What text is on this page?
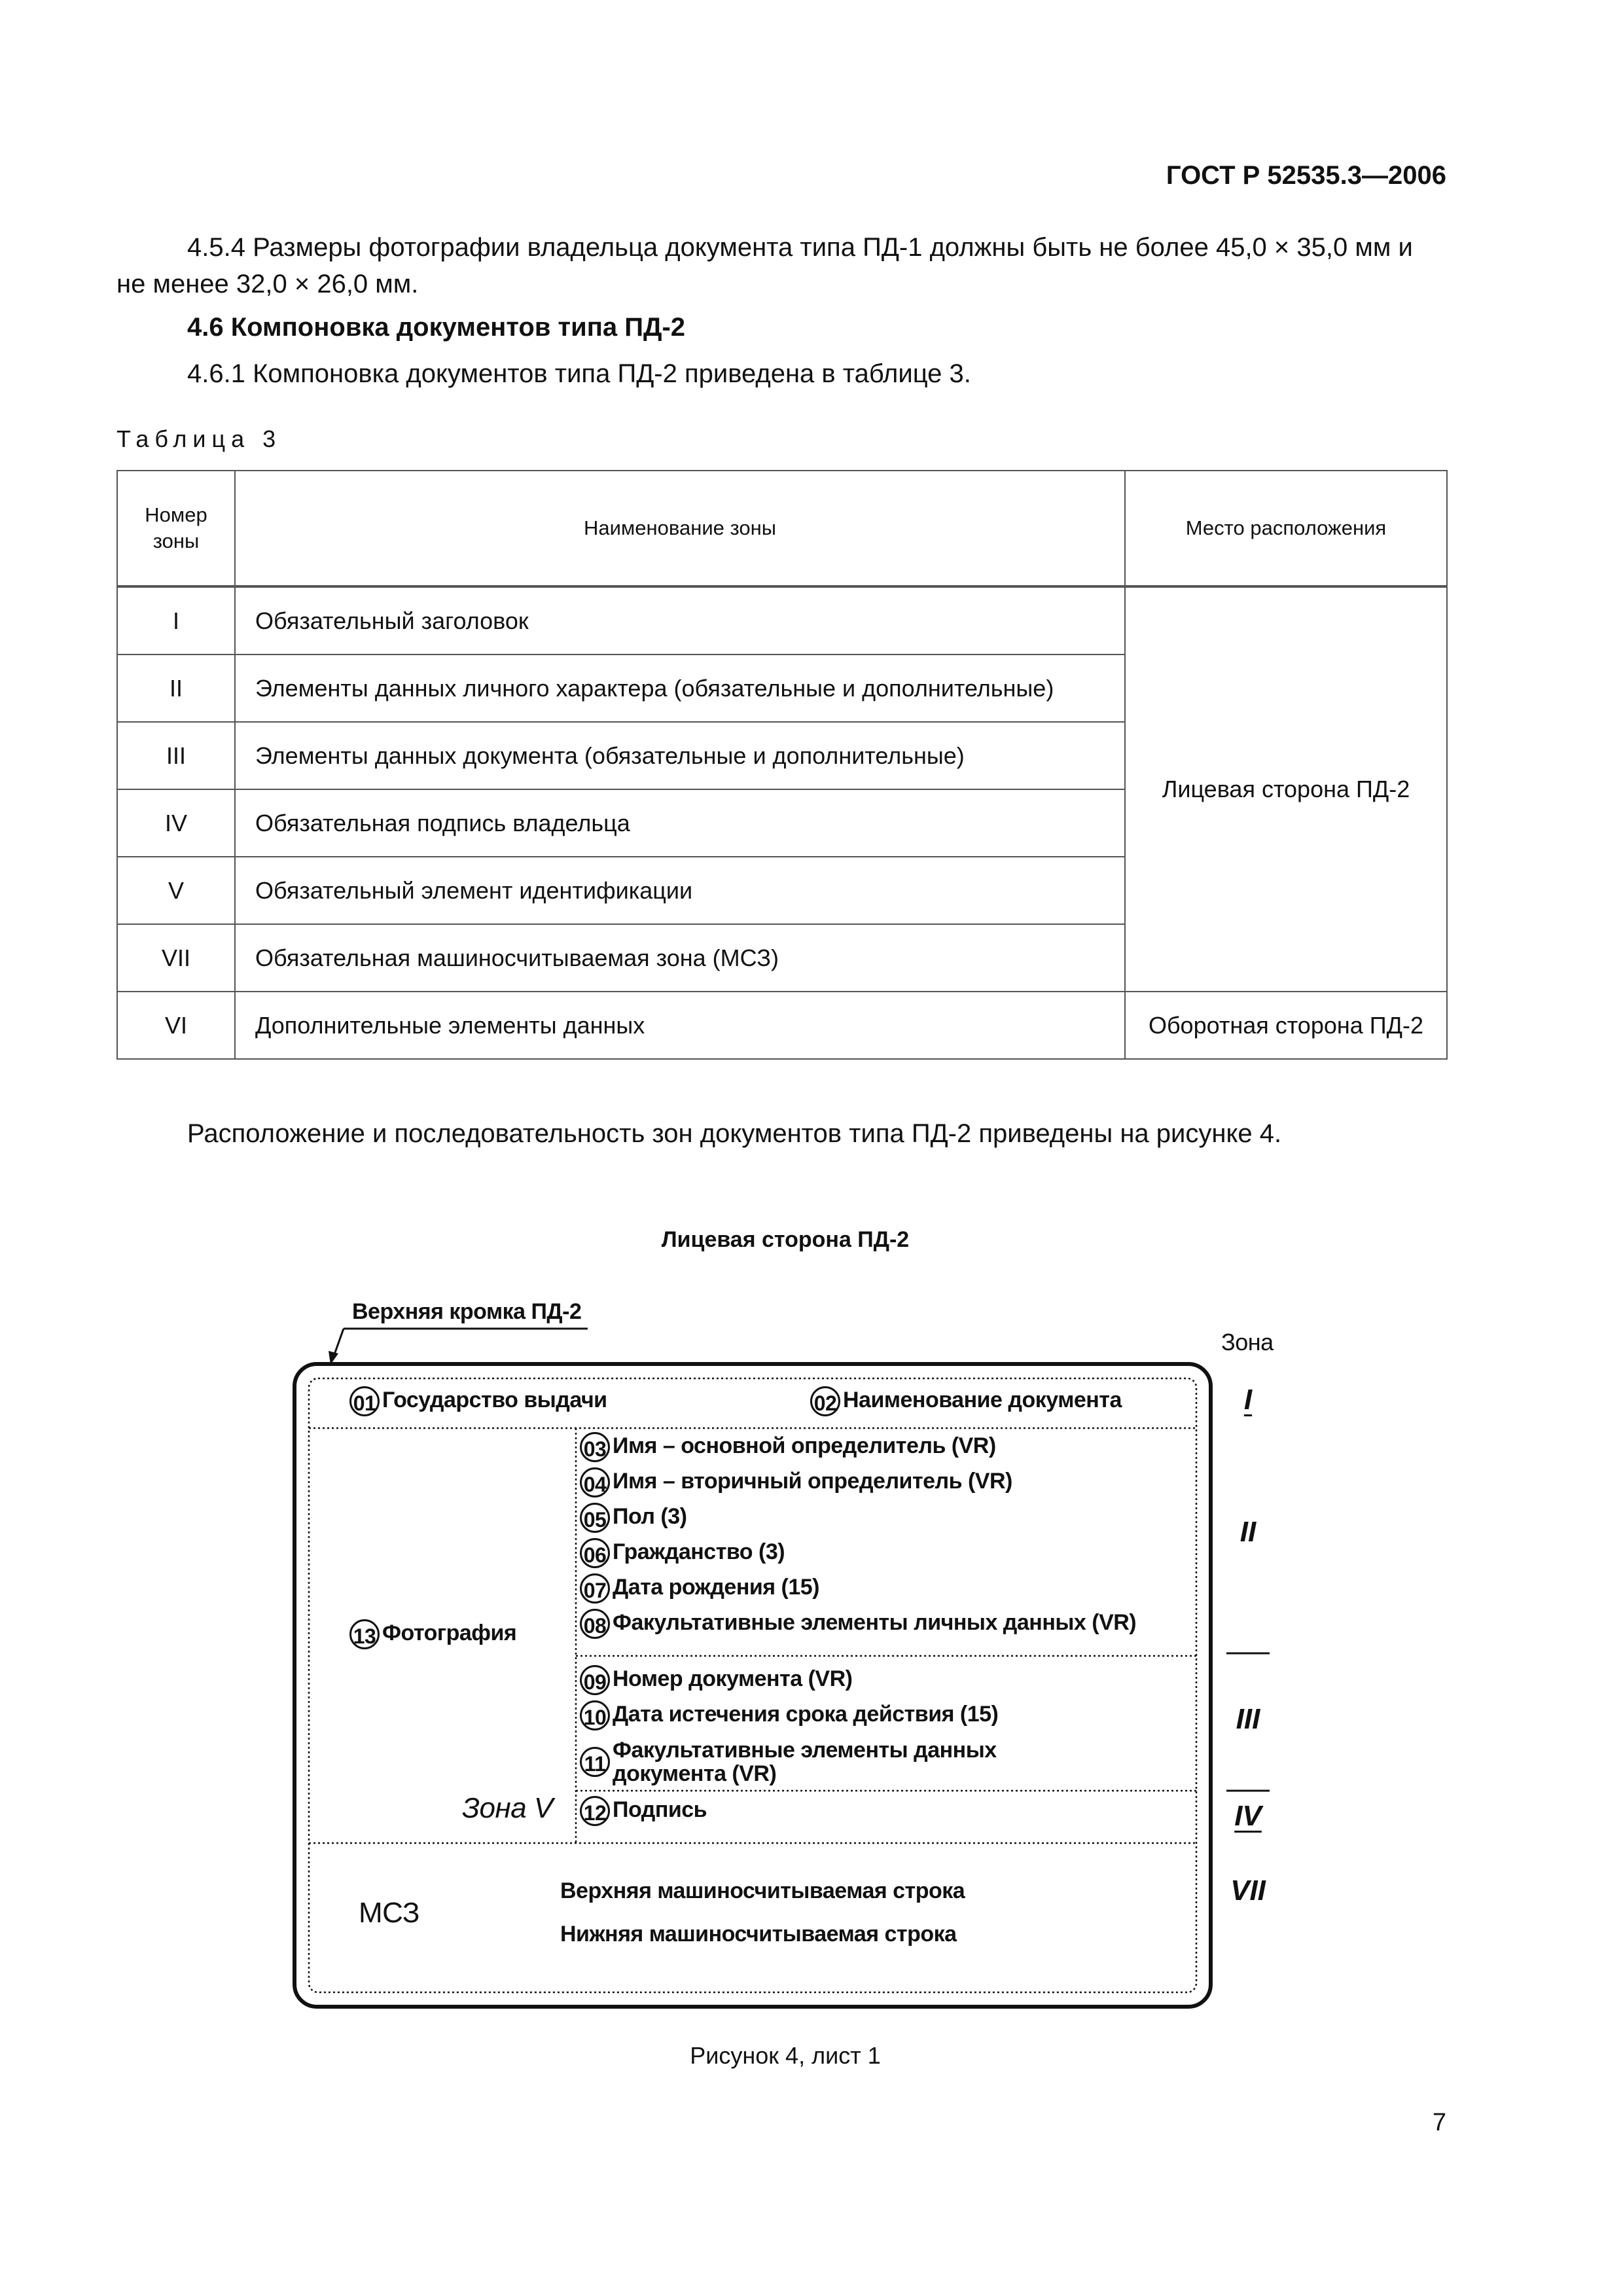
ГОСТ Р 52535.3—2006
4.5.4 Размеры фотографии владельца документа типа ПД-1 должны быть не более 45,0 × 35,0 мм и не менее 32,0 × 26,0 мм.
4.6 Компоновка документов типа ПД-2
4.6.1 Компоновка документов типа ПД-2 приведена в таблице 3.
Таблица 3
Номер зоны	Наименование зоны	Место расположения
I	Обязательный заголовок	Лицевая сторона ПД-2
II	Элементы данных личного характера (обязательные и дополнительные)	
III	Элементы данных документа (обязательные и дополнительные)	
IV	Обязательная подпись владельца	
V	Обязательный элемент идентификации	
VII	Обязательная машиносчитываемая зона (МСЗ)	
VI	Дополнительные элементы данных	Оборотная сторона ПД-2
Расположение и последовательность зон документов типа ПД-2 приведены на рисунке 4.
Лицевая сторона ПД-2
Верхняя кромка ПД-2
Зона
01 Государство выдачи	02 Наименование документа
03 Имя – основной определитель (VR)
04 Имя – вторичный определитель (VR)
05 Пол (3)
06 Гражданство (3)
07 Дата рождения (15)
08 Факультативные элементы личных данных (VR)
13 Фотография
09 Номер документа (VR)
10 Дата истечения срока действия (15)
11
Факультативные элементы данных документа (VR)
Зона V 12 Подпись
МСЗ
Верхняя машиносчитываемая строка
Нижняя машиносчитываемая строка
I
II
III
IV
VII
Рисунок 4, лист 1
7
